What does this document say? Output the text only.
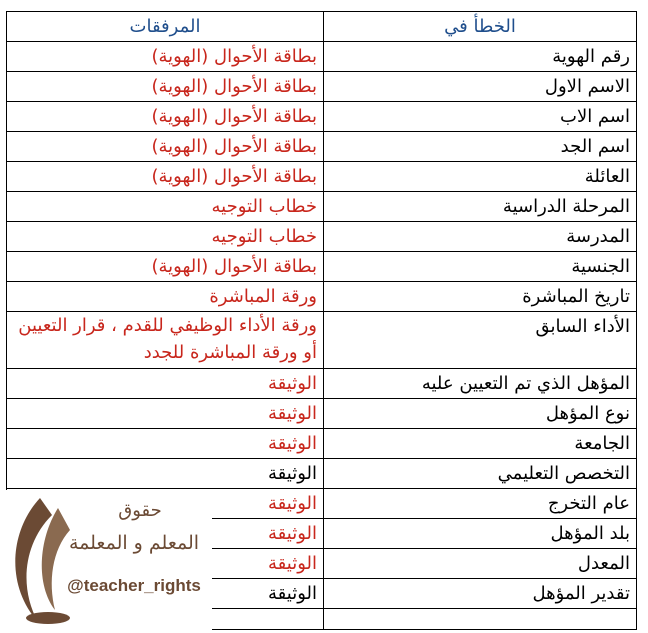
الخطأ في	المرفقات
رقم الهوية	بطاقة الأحوال (الهوية)
الاسم الاول	بطاقة الأحوال (الهوية)
اسم الاب	بطاقة الأحوال (الهوية)
اسم الجد	بطاقة الأحوال (الهوية)
العائلة	بطاقة الأحوال (الهوية)
المرحلة الدراسية	خطاب التوجيه
المدرسة	خطاب التوجيه
الجنسية	بطاقة الأحوال (الهوية)
تاريخ المباشرة	ورقة المباشرة
الأداء السابق	ورقة الأداء الوظيفي للقدم ، قرار التعيين أو ورقة المباشرة للجدد
المؤهل الذي تم التعيين عليه	الوثيقة
نوع المؤهل	الوثيقة
الجامعة	الوثيقة
التخصص التعليمي	الوثيقة
عام التخرج	الوثيقة
بلد المؤهل	الوثيقة
المعدل	الوثيقة
تقدير المؤهل	الوثيقة

حقوق
المعلم و المعلمة
@teacher_rights
